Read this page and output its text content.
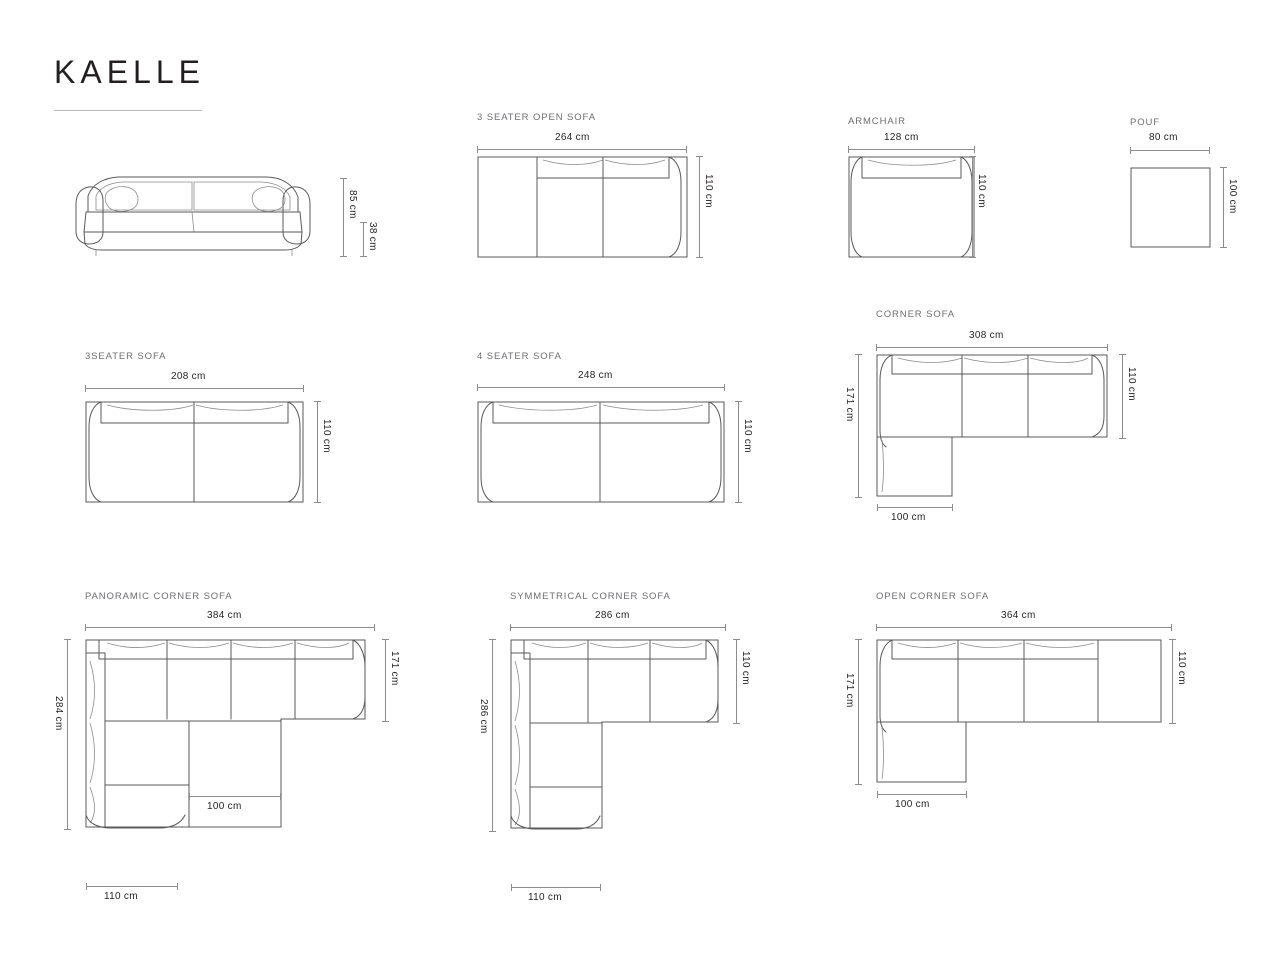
KAELLE
85 cm
38 cm
3 SEATER OPEN SOFA
264 cm
110 cm
ARMCHAIR
128 cm
110 cm
POUF
80 cm
100 cm
3SEATER SOFA
208 cm
110 cm
4 SEATER SOFA
248 cm
110 cm
CORNER SOFA
308 cm
110 cm
171 cm
100 cm
PANORAMIC CORNER SOFA
384 cm
171 cm
284 cm
100 cm
110 cm
SYMMETRICAL CORNER SOFA
286 cm
110 cm
286 cm
110 cm
OPEN CORNER SOFA
364 cm
110 cm
171 cm
100 cm
